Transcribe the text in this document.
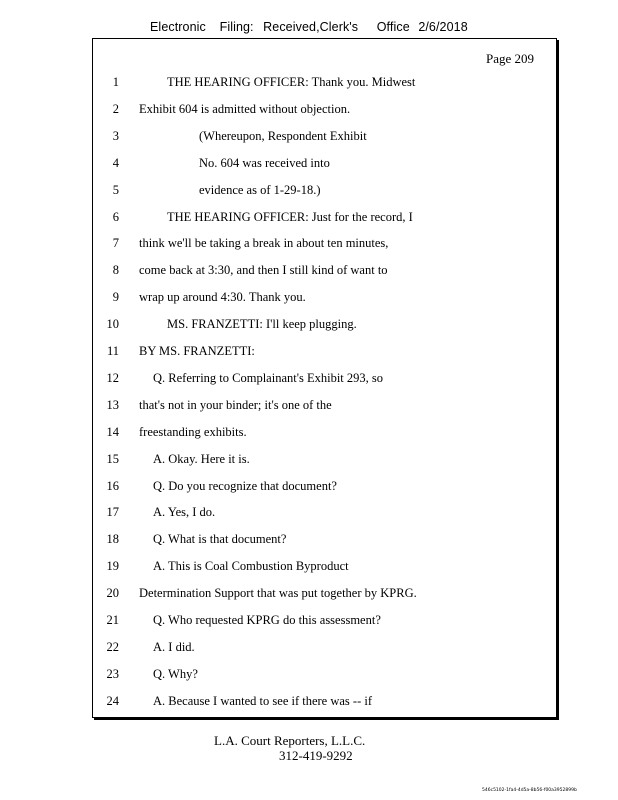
Electronic Filing: Received,Clerk's Office 2/6/2018
Page 209
1	THE HEARING OFFICER: Thank you. Midwest
2 Exhibit 604 is admitted without objection.
3	(Whereupon, Respondent Exhibit
4	No. 604 was received into
5	evidence as of 1-29-18.)
6	THE HEARING OFFICER: Just for the record, I
7 think we'll be taking a break in about ten minutes,
8 come back at 3:30, and then I still kind of want to
9 wrap up around 4:30. Thank you.
10	MS. FRANZETTI: I'll keep plugging.
11 BY MS. FRANZETTI:
12	Q. Referring to Complainant's Exhibit 293, so
13 that's not in your binder; it's one of the
14 freestanding exhibits.
15	A. Okay. Here it is.
16	Q. Do you recognize that document?
17	A. Yes, I do.
18	Q. What is that document?
19	A. This is Coal Combustion Byproduct
20 Determination Support that was put together by KPRG.
21	Q. Who requested KPRG do this assessment?
22	A. I did.
23	Q. Why?
24	A. Because I wanted to see if there was -- if
L.A. Court Reporters, L.L.C.
312-419-9292
546c5102-1fa4-4d5a-8b56-f00a3952899b
